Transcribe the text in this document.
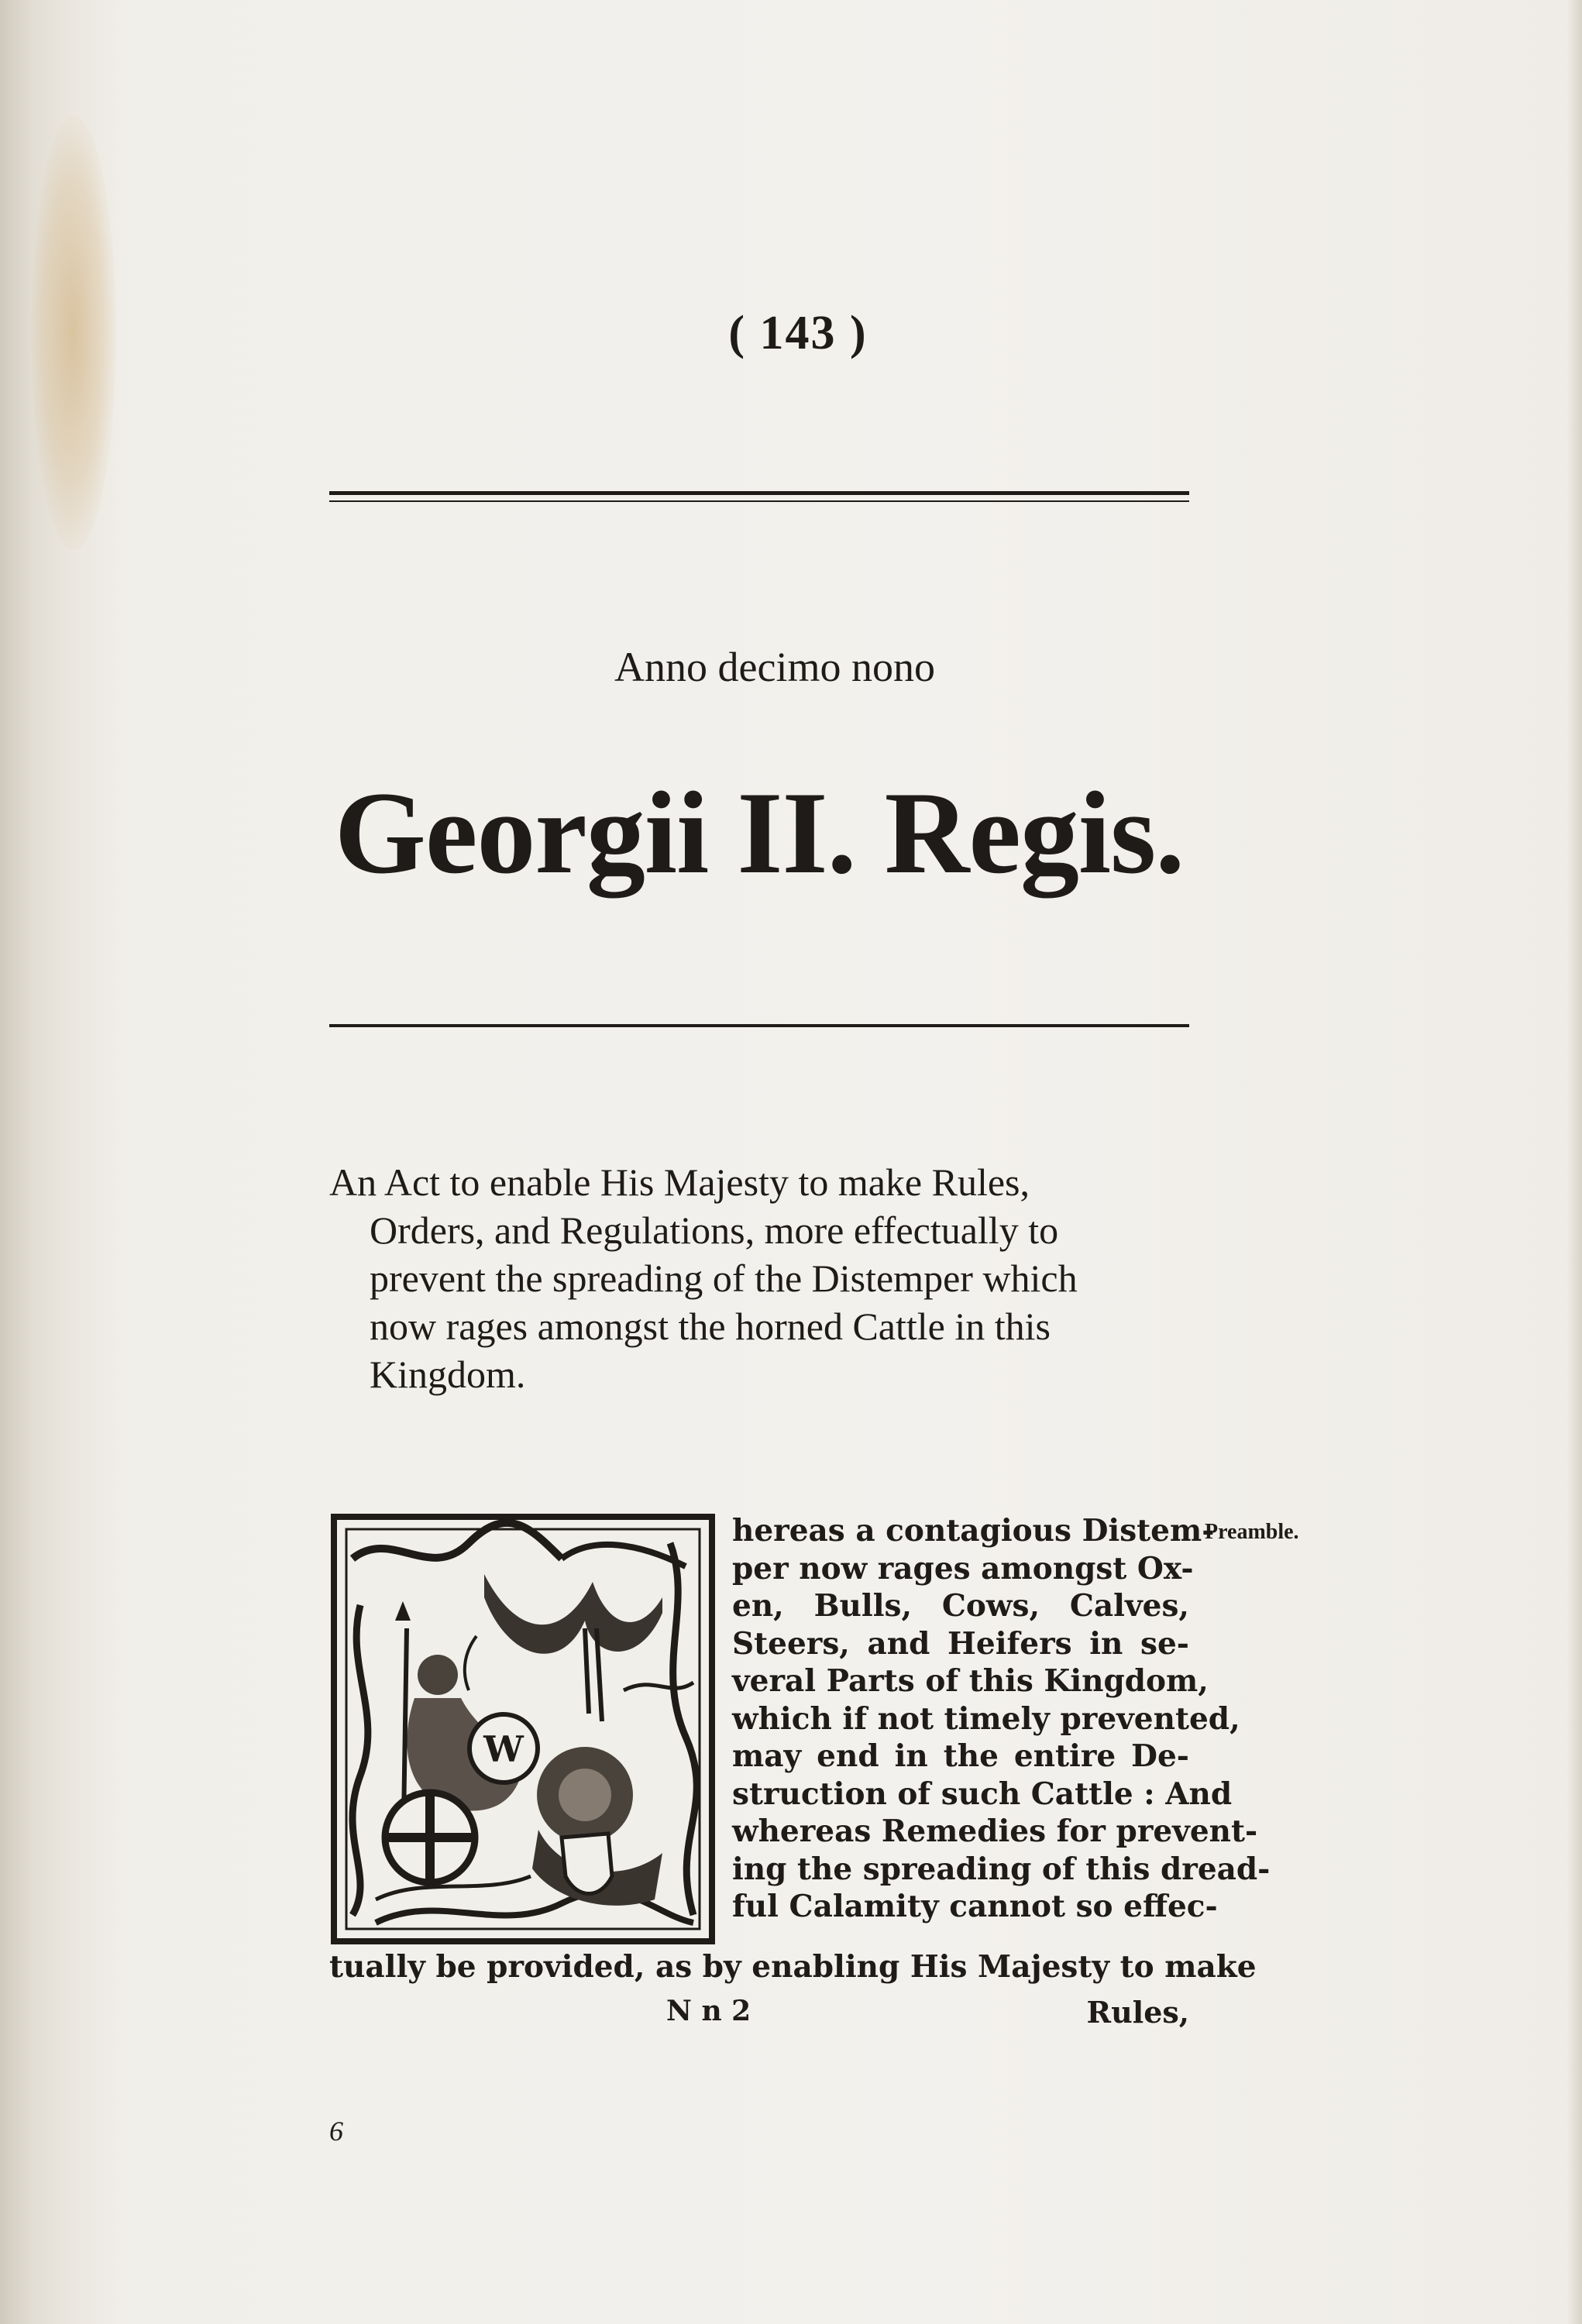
( 143 )
Anno decimo nono
Georgii II. Regis.
An Act to enable His Majesty to make Rules,
Orders, and Regulations, more effectually to
prevent the spreading of the Distemper which
now rages amongst the horned Cattle in this
Kingdom.
W
hereas a contagious Distem-
per now rages amongst Ox-
en, Bulls, Cows, Calves,
Steers, and Heifers in se-
veral Parts of this Kingdom,
which if not timely prevented,
may end in the entire De-
struction of such Cattle : And
whereas Remedies for prevent-
ing the spreading of this dread-
ful Calamity cannot so effec-
Preamble.
tually be provided, as by enabling His Majesty to make
N n 2	Rules,
6
